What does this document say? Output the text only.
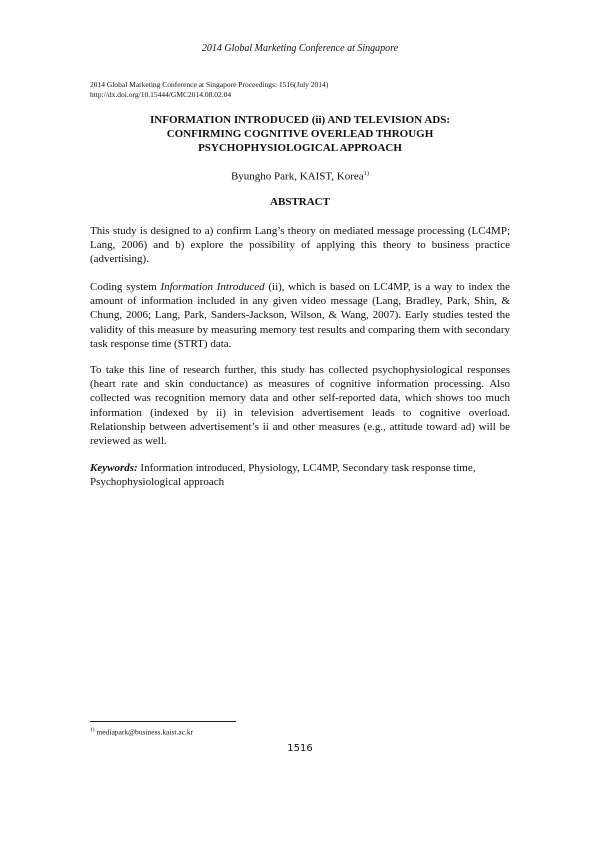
2014 Global Marketing Conference at Singapore
2014 Global Marketing Conference at Singapore Proceedings: 1516(July 2014)
http://dx.doi.org/10.15444/GMC2014.08.02.04
INFORMATION INTRODUCED (ii) AND TELEVISION ADS:
CONFIRMING COGNITIVE OVERLEAD THROUGH
PSYCHOPHYSIOLOGICAL APPROACH
Byungho Park, KAIST, Korea$^{1)}$
ABSTRACT

This study is designed to a) confirm Lang’s theory on mediated message processing (LC4MP; Lang, 2006) and b) explore the possibility of applying this theory to business practice (advertising).

Coding system Information Introduced (ii), which is based on LC4MP, is a way to index the amount of information included in any given video message (Lang, Bradley, Park, Shin, & Chung, 2006; Lang, Park, Sanders-Jackson, Wilson, & Wang, 2007). Early studies tested the validity of this measure by measuring memory test results and comparing them with secondary task response time (STRT) data.

To take this line of research further, this study has collected psychophysiological responses (heart rate and skin conductance) as measures of cognitive information processing. Also collected was recognition memory data and other self-reported data, which shows too much information (indexed by ii) in television advertisement leads to cognitive overload. Relationship between advertisement’s ii and other measures (e.g., attitude toward ad) will be reviewed as well.

Keywords: Information introduced, Physiology, LC4MP, Secondary task response time, Psychophysiological approach

$^{1)}$ mediapark@business.kaist.ac.kr
1516
